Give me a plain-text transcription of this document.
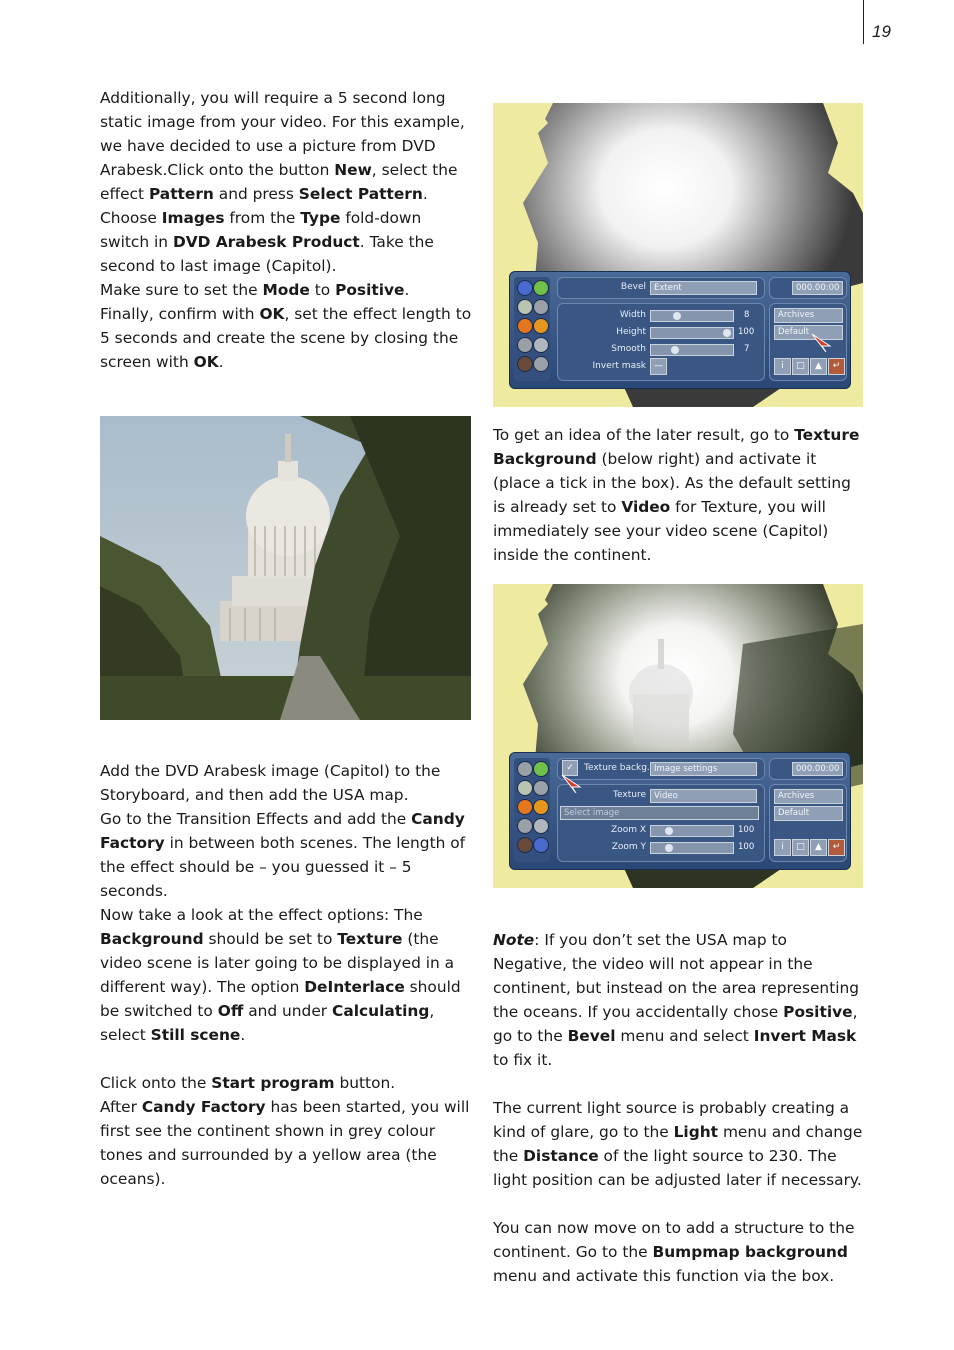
19

Additionally, you will require a 5 second long static image from your video. For this example, we have decided to use a picture from DVD Arabesk.Click onto the button New, select the effect Pattern and press Select Pattern.

Choose Images from the Type fold-down switch in DVD Arabesk Product. Take the second to last image (Capitol).

Make sure to set the Mode to Positive.

Finally, confirm with OK, set the effect length to 5 seconds and create the scene by closing the screen with OK.

Add the DVD Arabesk image (Capitol) to the Storyboard, and then add the USA map.

Go to the Transition Effects and add the Candy Factory in between both scenes. The length of the effect should be – you guessed it – 5 seconds.

Now take a look at the effect options: The Background should be set to Texture (the video scene is later going to be displayed in a different way). The option DeInterlace should be switched to Off and under Calculating, select Still scene.

Click onto the Start program button.

After Candy Factory has been started, you will first see the continent shown in grey colour tones and surrounded by a yellow area (the oceans).

Bevel Extent
Width	8
Height	100
Smooth	7
Invert mask —
000.00:00
Archives
Default
i	□	▲	↵

To get an idea of the later result, go to Texture Background (below right) and activate it (place a tick in the box). As the default setting is already set to Video for Texture, you will immediately see your video scene (Capitol) inside the continent.

✓	Texture backg. Image settings
Texture Video
Select image
Zoom X	100
Zoom Y	100
000.00:00
Archives
Default
i	□	▲	↵

Note: If you don’t set the USA map to Negative, the video will not appear in the continent, but instead on the area representing the oceans. If you accidentally chose Positive, go to the Bevel menu and select Invert Mask to fix it.

The current light source is probably creating a kind of glare, go to the Light menu and change the Distance of the light source to 230. The light position can be adjusted later if necessary.

You can now move on to add a structure to the continent. Go to the Bumpmap background menu and activate this function via the box.
